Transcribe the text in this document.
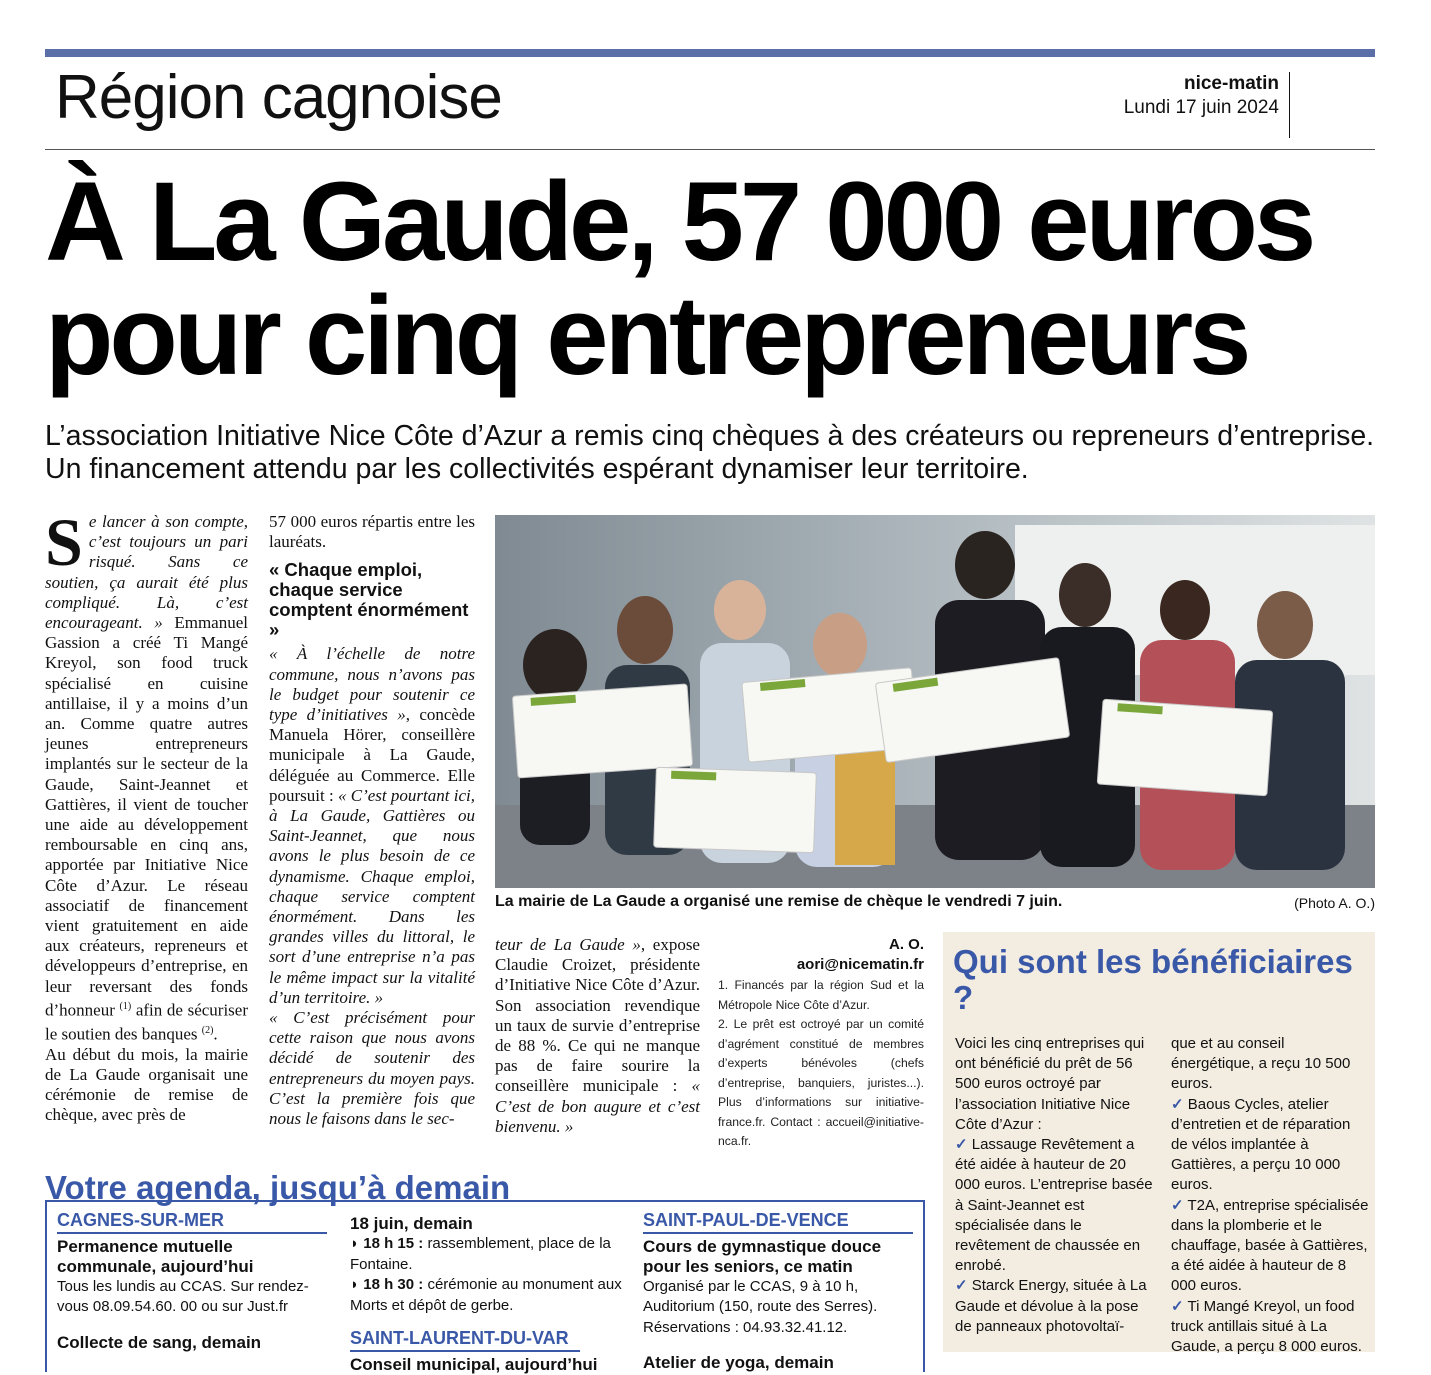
Région cagnoise	nice-matin
Lundi 17 juin 2024
À La Gaude, 57 000 euros
pour cinq entrepreneurs
L’association Initiative Nice Côte d’Azur a remis cinq chèques à des créateurs ou repreneurs d’entreprise. Un financement attendu par les collectivités espérant dynamiser leur territoire.

Se lancer à son compte, c’est toujours un pari risqué. Sans ce soutien, ça aurait été plus compliqué. Là, c’est encourageant. » Emmanuel Gassion a créé Ti Mangé Kreyol, son food truck spécialisé en cuisine antillaise, il y a moins d’un an. Comme quatre autres jeunes entrepreneurs implantés sur le secteur de la Gaude, Saint-Jeannet et Gattières, il vient de toucher une aide au développement remboursable en cinq ans, apportée par Initiative Nice Côte d’Azur. Le réseau associatif de financement vient gratuitement en aide aux créateurs, repreneurs et développeurs d’entreprise, en leur reversant des fonds d’honneur $^{(1)}$ afin de sécuriser le soutien des banques $^{(2)}$.

Au début du mois, la mairie de La Gaude organisait une cérémonie de remise de chèque, avec près de

57 000 euros répartis entre les lauréats.

« Chaque emploi, chaque service comptent énormément »

« À l’échelle de notre commune, nous n’avons pas le budget pour soutenir ce type d’initiatives », concède Manuela Hörer, conseillère municipale à La Gaude, déléguée au Commerce. Elle poursuit : « C’est pourtant ici, à La Gaude, Gattières ou Saint-Jeannet, que nous avons le plus besoin de ce dynamisme. Chaque emploi, chaque service comptent énormément. Dans les grandes villes du littoral, le sort d’une entreprise n’a pas le même impact sur la vitalité d’un territoire. »

« C’est précisément pour cette raison que nous avons décidé de soutenir des entrepreneurs du moyen pays. C’est la première fois que nous le faisons dans le sec-

La mairie de La Gaude a organisé une remise de chèque le vendredi 7 juin.	(Photo A. O.)

teur de La Gaude », expose Claudie Croizet, présidente d’Initiative Nice Côte d’Azur. Son association revendique un taux de survie d’entreprise de 88 %. Ce qui ne manque pas de faire sourire la conseillère municipale : « C’est de bon augure et c’est bienvenu. »

A. O.
aori@nicematin.fr

1. Financés par la région Sud et la Métropole Nice Côte d’Azur.

2. Le prêt est octroyé par un comité d’agrément constitué de membres d’experts bénévoles (chefs d’entreprise, banquiers, juristes...). Plus d’informations sur initiative-france.fr. Contact : accueil@initiative-nca.fr.

Qui sont les bénéficiaires ?

Voici les cinq entreprises qui ont bénéficié du prêt de 56 500 euros octroyé par l’association Initiative Nice Côte d’Azur :

✓ Lassauge Revêtement a été aidée à hauteur de 20 000 euros. L’entreprise basée à Saint-Jeannet est spécialisée dans le revêtement de chaussée en enrobé.

✓ Starck Energy, située à La Gaude et dévolue à la pose de panneaux photovoltaï-

que et au conseil énergétique, a reçu 10 500 euros.

✓ Baous Cycles, atelier d’entretien et de réparation de vélos implantée à Gattières, a perçu 10 000 euros.

✓ T2A, entreprise spécialisée dans la plomberie et le chauffage, basée à Gattières, a été aidée à hauteur de 8 000 euros.

✓ Ti Mangé Kreyol, un food truck antillais situé à La Gaude, a perçu 8 000 euros.

Votre agenda, jusqu’à demain
CAGNES-SUR-MER

Permanence mutuelle communale, aujourd’hui

Tous les lundis au CCAS. Sur rendez-vous 08.09.54.60. 00 ou sur Just.fr

Collecte de sang, demain

18 juin, demain

◗ 18 h 15 : rassemblement, place de la Fontaine.

◗ 18 h 30 : cérémonie au monument aux Morts et dépôt de gerbe.

SAINT-LAURENT-DU-VAR

Conseil municipal, aujourd’hui

SAINT-PAUL-DE-VENCE

Cours de gymnastique douce pour les seniors, ce matin

Organisé par le CCAS, 9 à 10 h, Auditorium (150, route des Serres). Réservations : 04.93.32.41.12.

Atelier de yoga, demain
